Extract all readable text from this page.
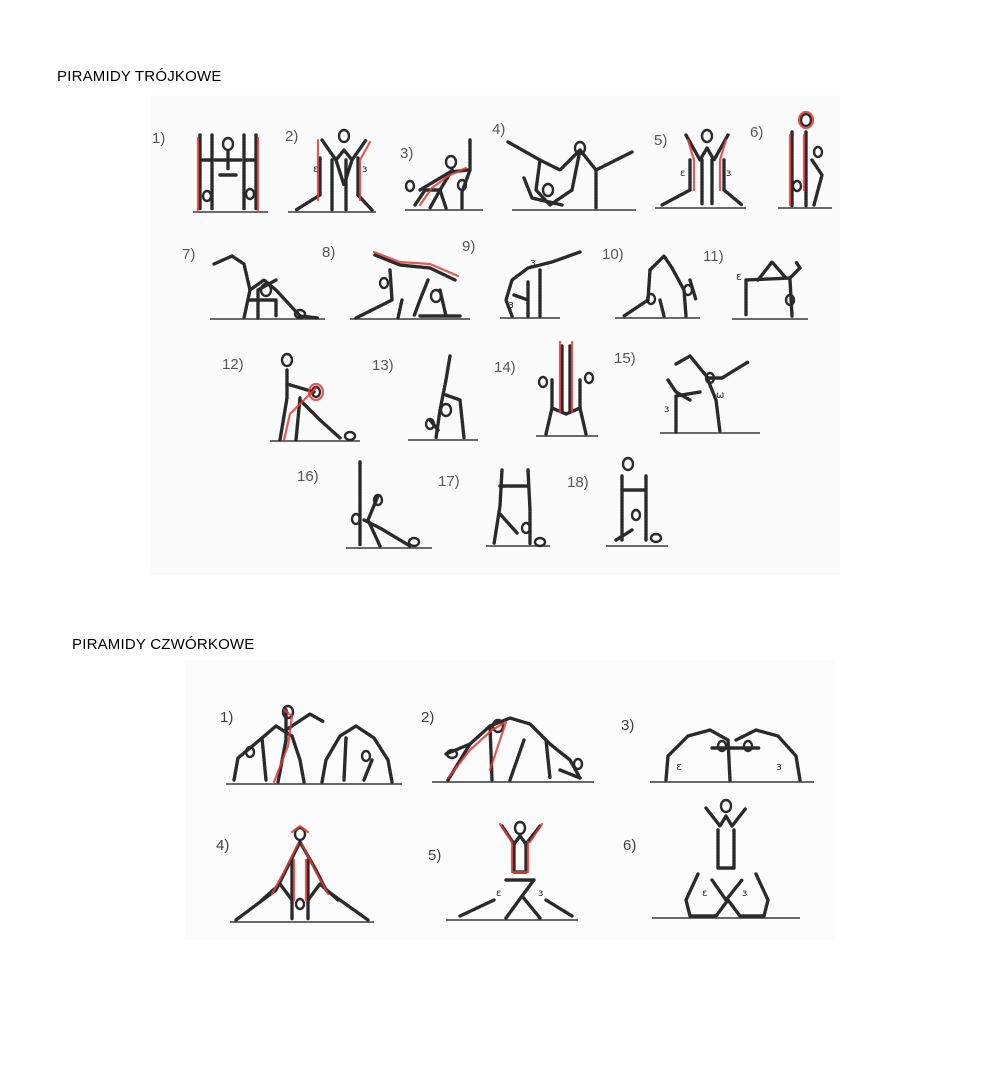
PIRAMIDY TRÓJKOWE
PIRAMIDY CZWÓRKOWE
1)	2)
3)
4)
5)	6)
7)	8)	9)	10)	11)
12)	13)	14)
15)
16)	17)	18)
1)	2)	3)
4)
5)
6)
ε	з	ε	з
з
з
ε
з
ω
ε	з
ε	з	ε	з
